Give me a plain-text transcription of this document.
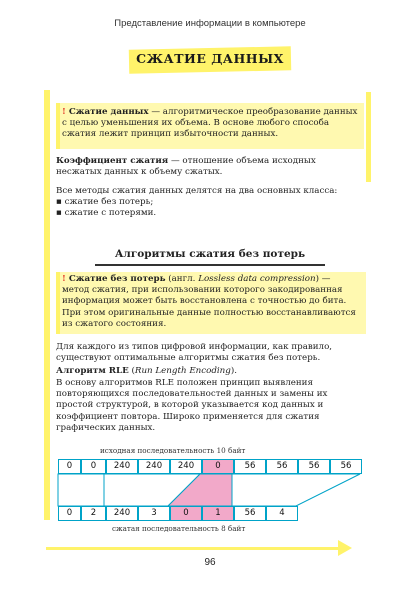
Представление информации в компьютере
СЖАТИЕ ДАННЫХ
! Сжатие данных — алгоритмическое преобразование данных с целью уменьшения их объема. В основе любого способа сжатия лежит принцип избыточности данных.
Коэффициент сжатия — отношение объема исходных несжатых данных к объему сжатых.
Все методы сжатия данных делятся на два основных класса:
▪ сжатие без потерь;
▪ сжатие с потерями.
Алгоритмы сжатия без потерь
! Сжатие без потерь (англ. Lossless data compression) — метод сжатия, при использовании которого закодированная информация может быть восстановлена с точностью до бита. При этом оригинальные данные полностью восстанавливаются из сжатого состояния.
Для каждого из типов цифровой информации, как правило, существуют оптимальные алгоритмы сжатия без потерь.
Алгоритм RLE (Run Length Encoding).
В основу алгоритмов RLE положен принцип выявления повторяющихся последовательностей данных и замены их простой структурой, в которой указывается код данных и коэффициент повтора. Широко применяется для сжатия графических данных.
исходная последовательность 10 байт
0	0	240	240	240	0	56	56	56	56
0	2	240	3	0	1	56	4
сжатая последовательность 8 байт
96
